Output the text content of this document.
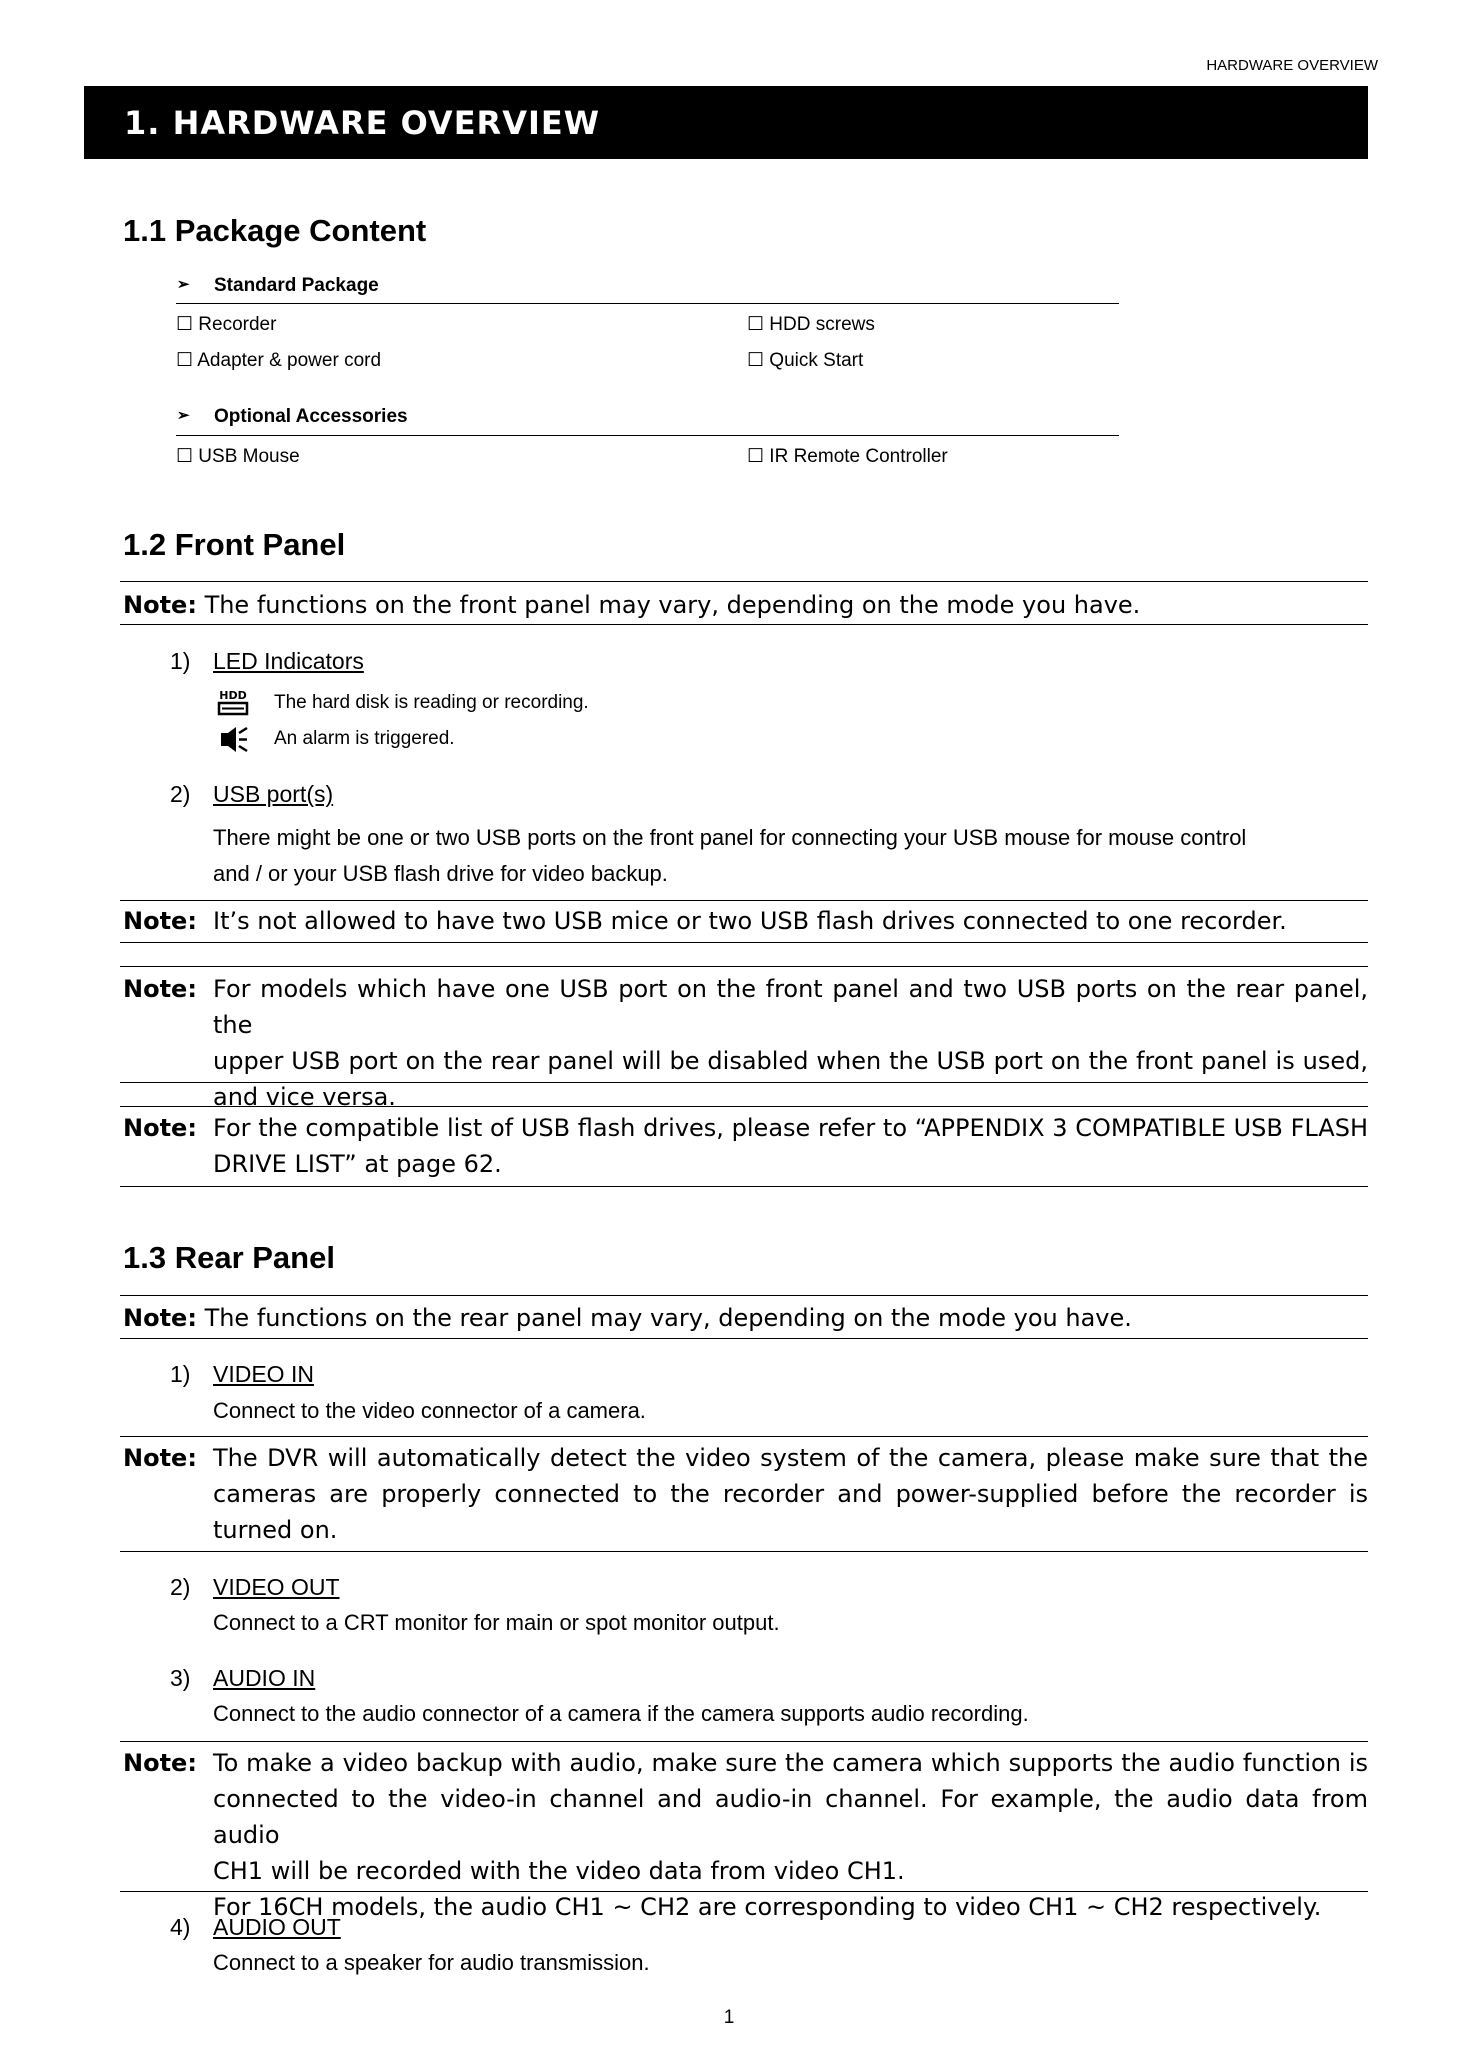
HARDWARE OVERVIEW
1. HARDWARE OVERVIEW
1.1 Package Content
➢ Standard Package
☐ Recorder	☐ HDD screws
☐ Adapter & power cord	☐ Quick Start
➢ Optional Accessories
☐ USB Mouse	☐ IR Remote Controller
1.2 Front Panel
Note: The functions on the front panel may vary, depending on the mode you have.
1) LED Indicators
HDD The hard disk is reading or recording.
An alarm is triggered.
2) USB port(s)
There might be one or two USB ports on the front panel for connecting your USB mouse for mouse control
and / or your USB flash drive for video backup.
Note: It’s not allowed to have two USB mice or two USB flash drives connected to one recorder.
Note: For models which have one USB port on the front panel and two USB ports on the rear panel, the
upper USB port on the rear panel will be disabled when the USB port on the front panel is used,
and vice versa.
Note: For the compatible list of USB flash drives, please refer to “APPENDIX 3 COMPATIBLE USB FLASH
DRIVE LIST” at page 62.
1.3 Rear Panel
Note: The functions on the rear panel may vary, depending on the mode you have.
1) VIDEO IN
Connect to the video connector of a camera.
Note: The DVR will automatically detect the video system of the camera, please make sure that the
cameras are properly connected to the recorder and power-supplied before the recorder is
turned on.
2) VIDEO OUT
Connect to a CRT monitor for main or spot monitor output.
3) AUDIO IN
Connect to the audio connector of a camera if the camera supports audio recording.
Note: To make a video backup with audio, make sure the camera which supports the audio function is
connected to the video-in channel and audio-in channel. For example, the audio data from audio
CH1 will be recorded with the video data from video CH1.
For 16CH models, the audio CH1 ~ CH2 are corresponding to video CH1 ~ CH2 respectively.
4) AUDIO OUT
Connect to a speaker for audio transmission.
1
